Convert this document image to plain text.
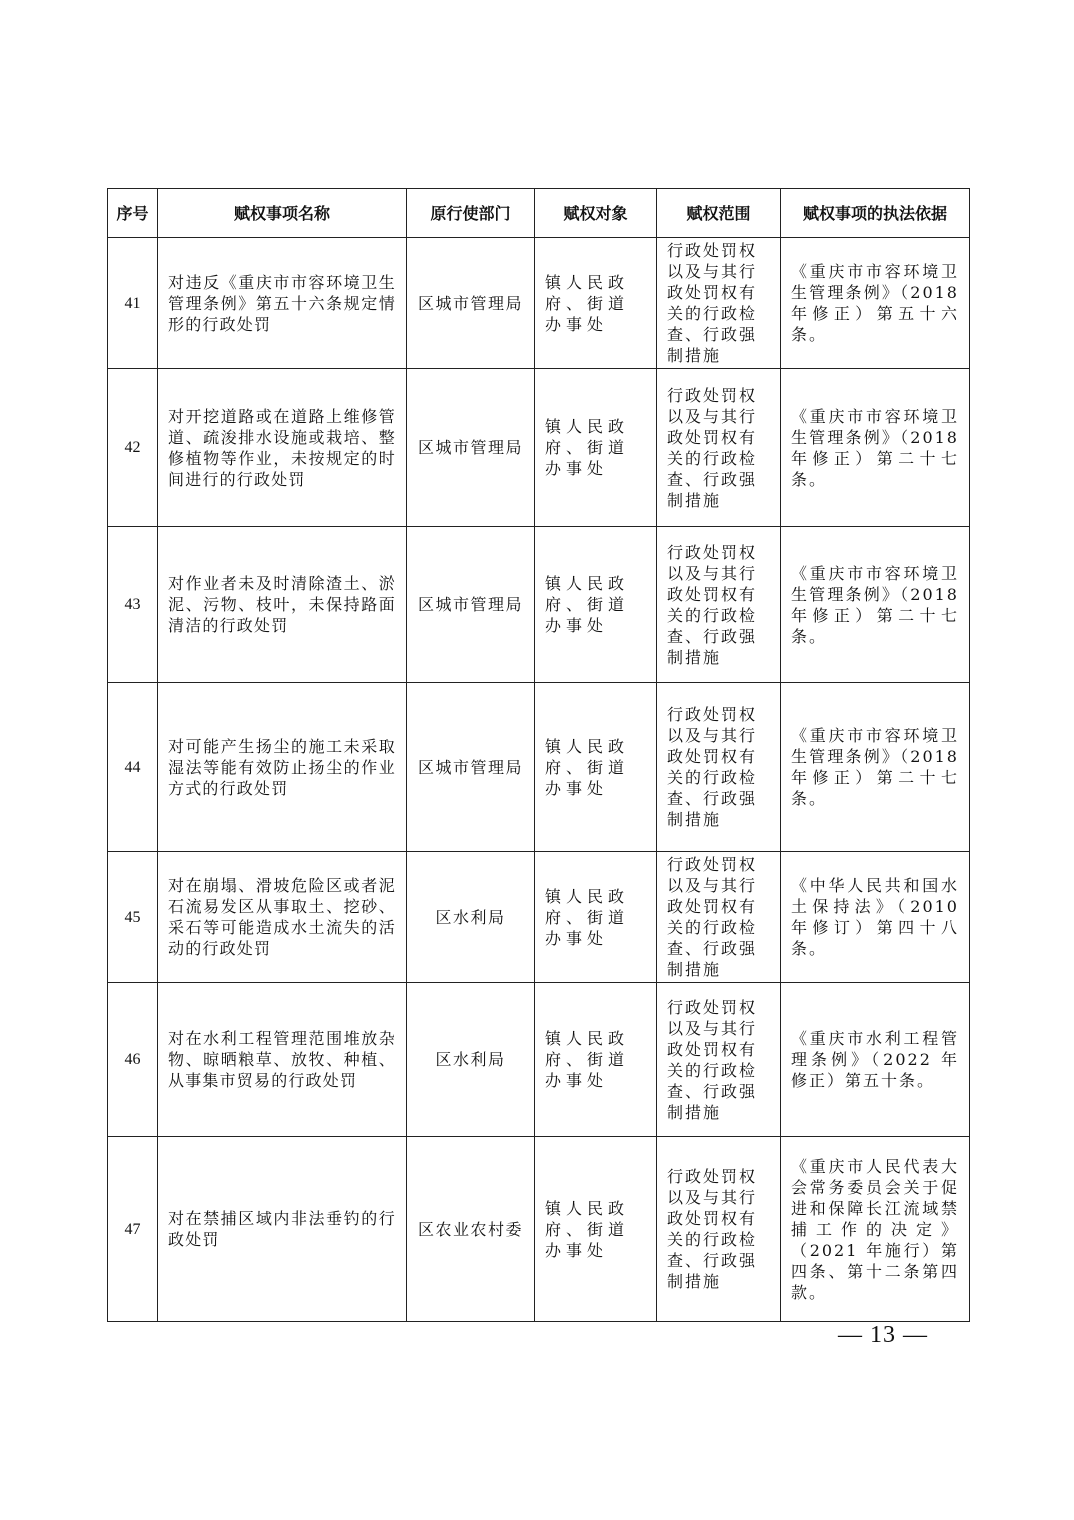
序号	赋权事项名称	原行使部门	赋权对象	赋权范围	赋权事项的执法依据
41	对违反《重庆市市容环境卫生管理条例》第五十六条规定情形的行政处罚	区城市管理局	镇人民政府、街道办事处	行政处罚权以及与其行政处罚权有关的行政检查、行政强制措施	《重庆市市容环境卫生管理条例》（2018 年修正）第五十六条。
42	对开挖道路或在道路上维修管道、疏浚排水设施或栽培、整修植物等作业，未按规定的时间进行的行政处罚	区城市管理局	镇人民政府、街道办事处	行政处罚权以及与其行政处罚权有关的行政检查、行政强制措施	《重庆市市容环境卫生管理条例》（2018 年修正）第二十七条。
43	对作业者未及时清除渣土、淤泥、污物、枝叶，未保持路面清洁的行政处罚	区城市管理局	镇人民政府、街道办事处	行政处罚权以及与其行政处罚权有关的行政检查、行政强制措施	《重庆市市容环境卫生管理条例》（2018 年修正）第二十七条。
44	对可能产生扬尘的施工未采取湿法等能有效防止扬尘的作业方式的行政处罚	区城市管理局	镇人民政府、街道办事处	行政处罚权以及与其行政处罚权有关的行政检查、行政强制措施	《重庆市市容环境卫生管理条例》（2018 年修正）第二十七条。
45	对在崩塌、滑坡危险区或者泥石流易发区从事取土、挖砂、采石等可能造成水土流失的活动的行政处罚	区水利局	镇人民政府、街道办事处	行政处罚权以及与其行政处罚权有关的行政检查、行政强制措施	《中华人民共和国水土保持法》（2010 年修订）第四十八条。
46	对在水利工程管理范围堆放杂物、晾晒粮草、放牧、种植、从事集市贸易的行政处罚	区水利局	镇人民政府、街道办事处	行政处罚权以及与其行政处罚权有关的行政检查、行政强制措施	《重庆市水利工程管理条例》（2022 年修正）第五十条。
47	对在禁捕区域内非法垂钓的行政处罚	区农业农村委	镇人民政府、街道办事处	行政处罚权以及与其行政处罚权有关的行政检查、行政强制措施	《重庆市人民代表大会常务委员会关于促进和保障长江流域禁捕工作的决定》（2021 年施行）第四条、第十二条第四款。
— 13 —
